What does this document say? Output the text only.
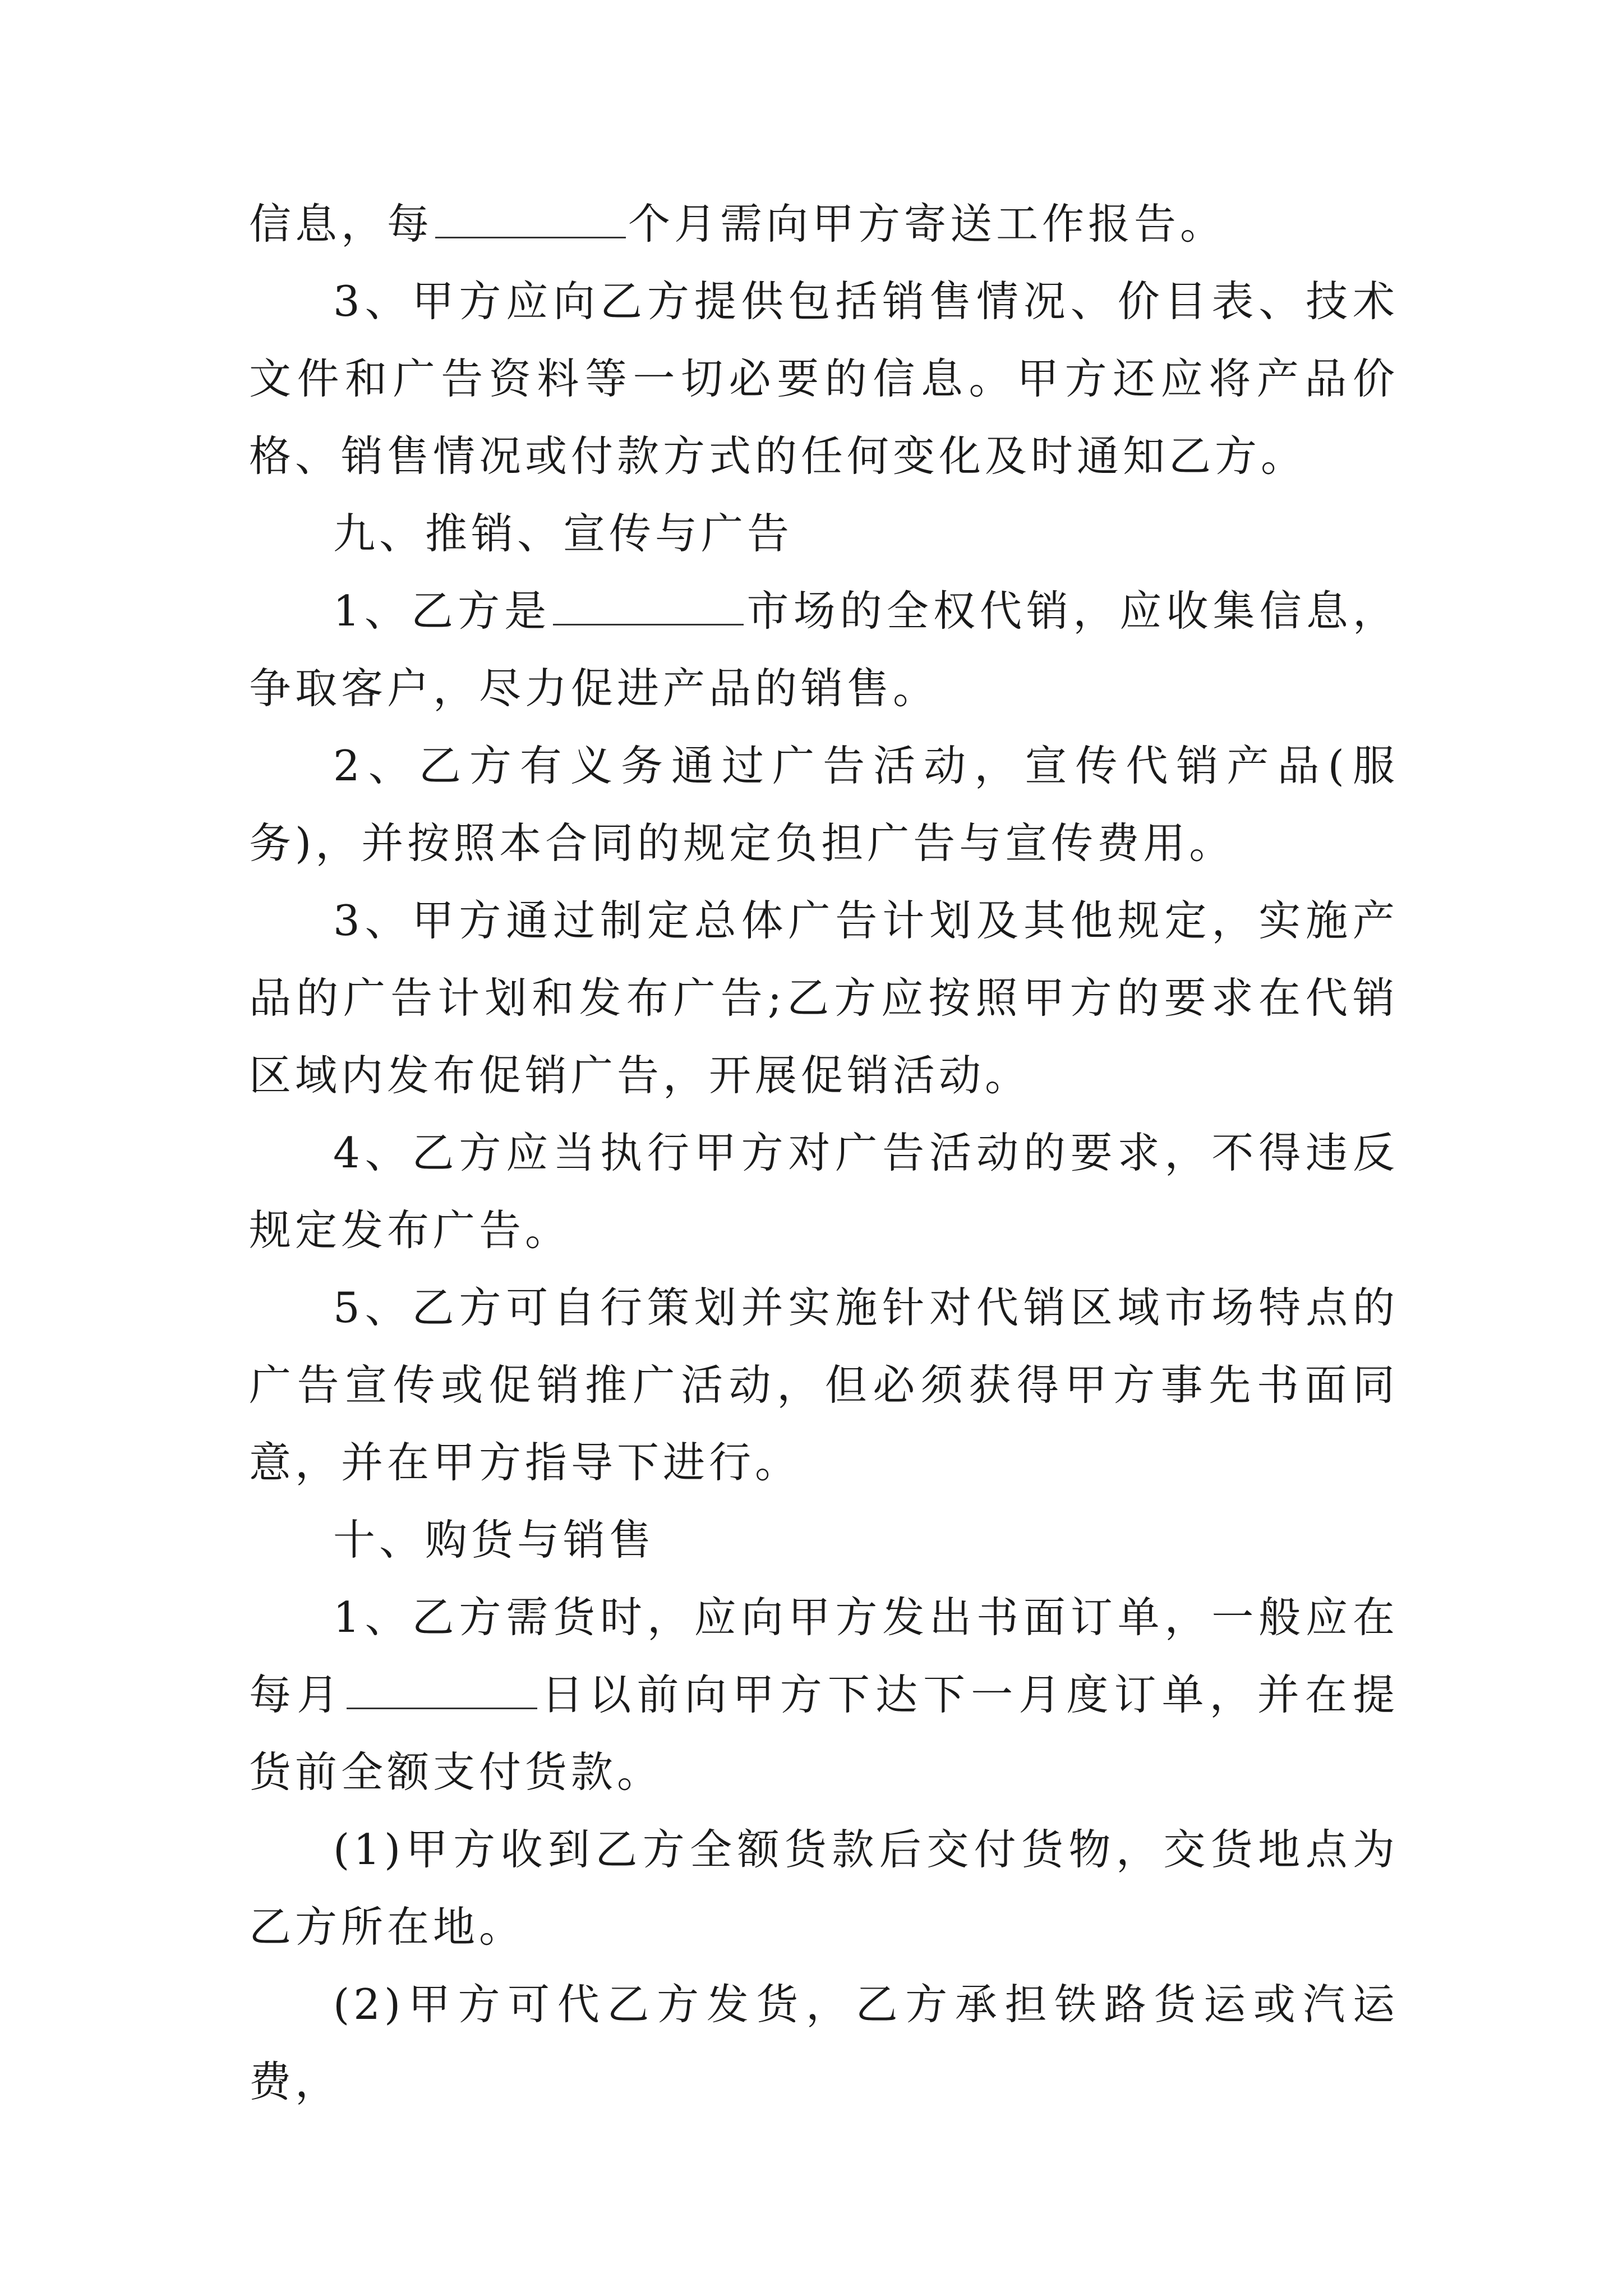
信息，每	个月需向甲方寄送工作报告。

3、甲方应向乙方提供包括销售情况、价目表、技术文件和广告资料等一切必要的信息。甲方还应将产品价格、销售情况或付款方式的任何变化及时通知乙方。

九、推销、宣传与广告

1、乙方是	市场的全权代销，应收集信息，争取客户，尽力促进产品的销售。

2、乙方有义务通过广告活动，宣传代销产品(服务)，并按照本合同的规定负担广告与宣传费用。

3、甲方通过制定总体广告计划及其他规定，实施产品的广告计划和发布广告;乙方应按照甲方的要求在代销区域内发布促销广告，开展促销活动。

4、乙方应当执行甲方对广告活动的要求，不得违反规定发布广告。

5、乙方可自行策划并实施针对代销区域市场特点的广告宣传或促销推广活动，但必须获得甲方事先书面同意，并在甲方指导下进行。

十、购货与销售

1、乙方需货时，应向甲方发出书面订单，一般应在每月	日以前向甲方下达下一月度订单，并在提货前全额支付货款。

(1)甲方收到乙方全额货款后交付货物，交货地点为乙方所在地。

(2)甲方可代乙方发货，乙方承担铁路货运或汽运费，
